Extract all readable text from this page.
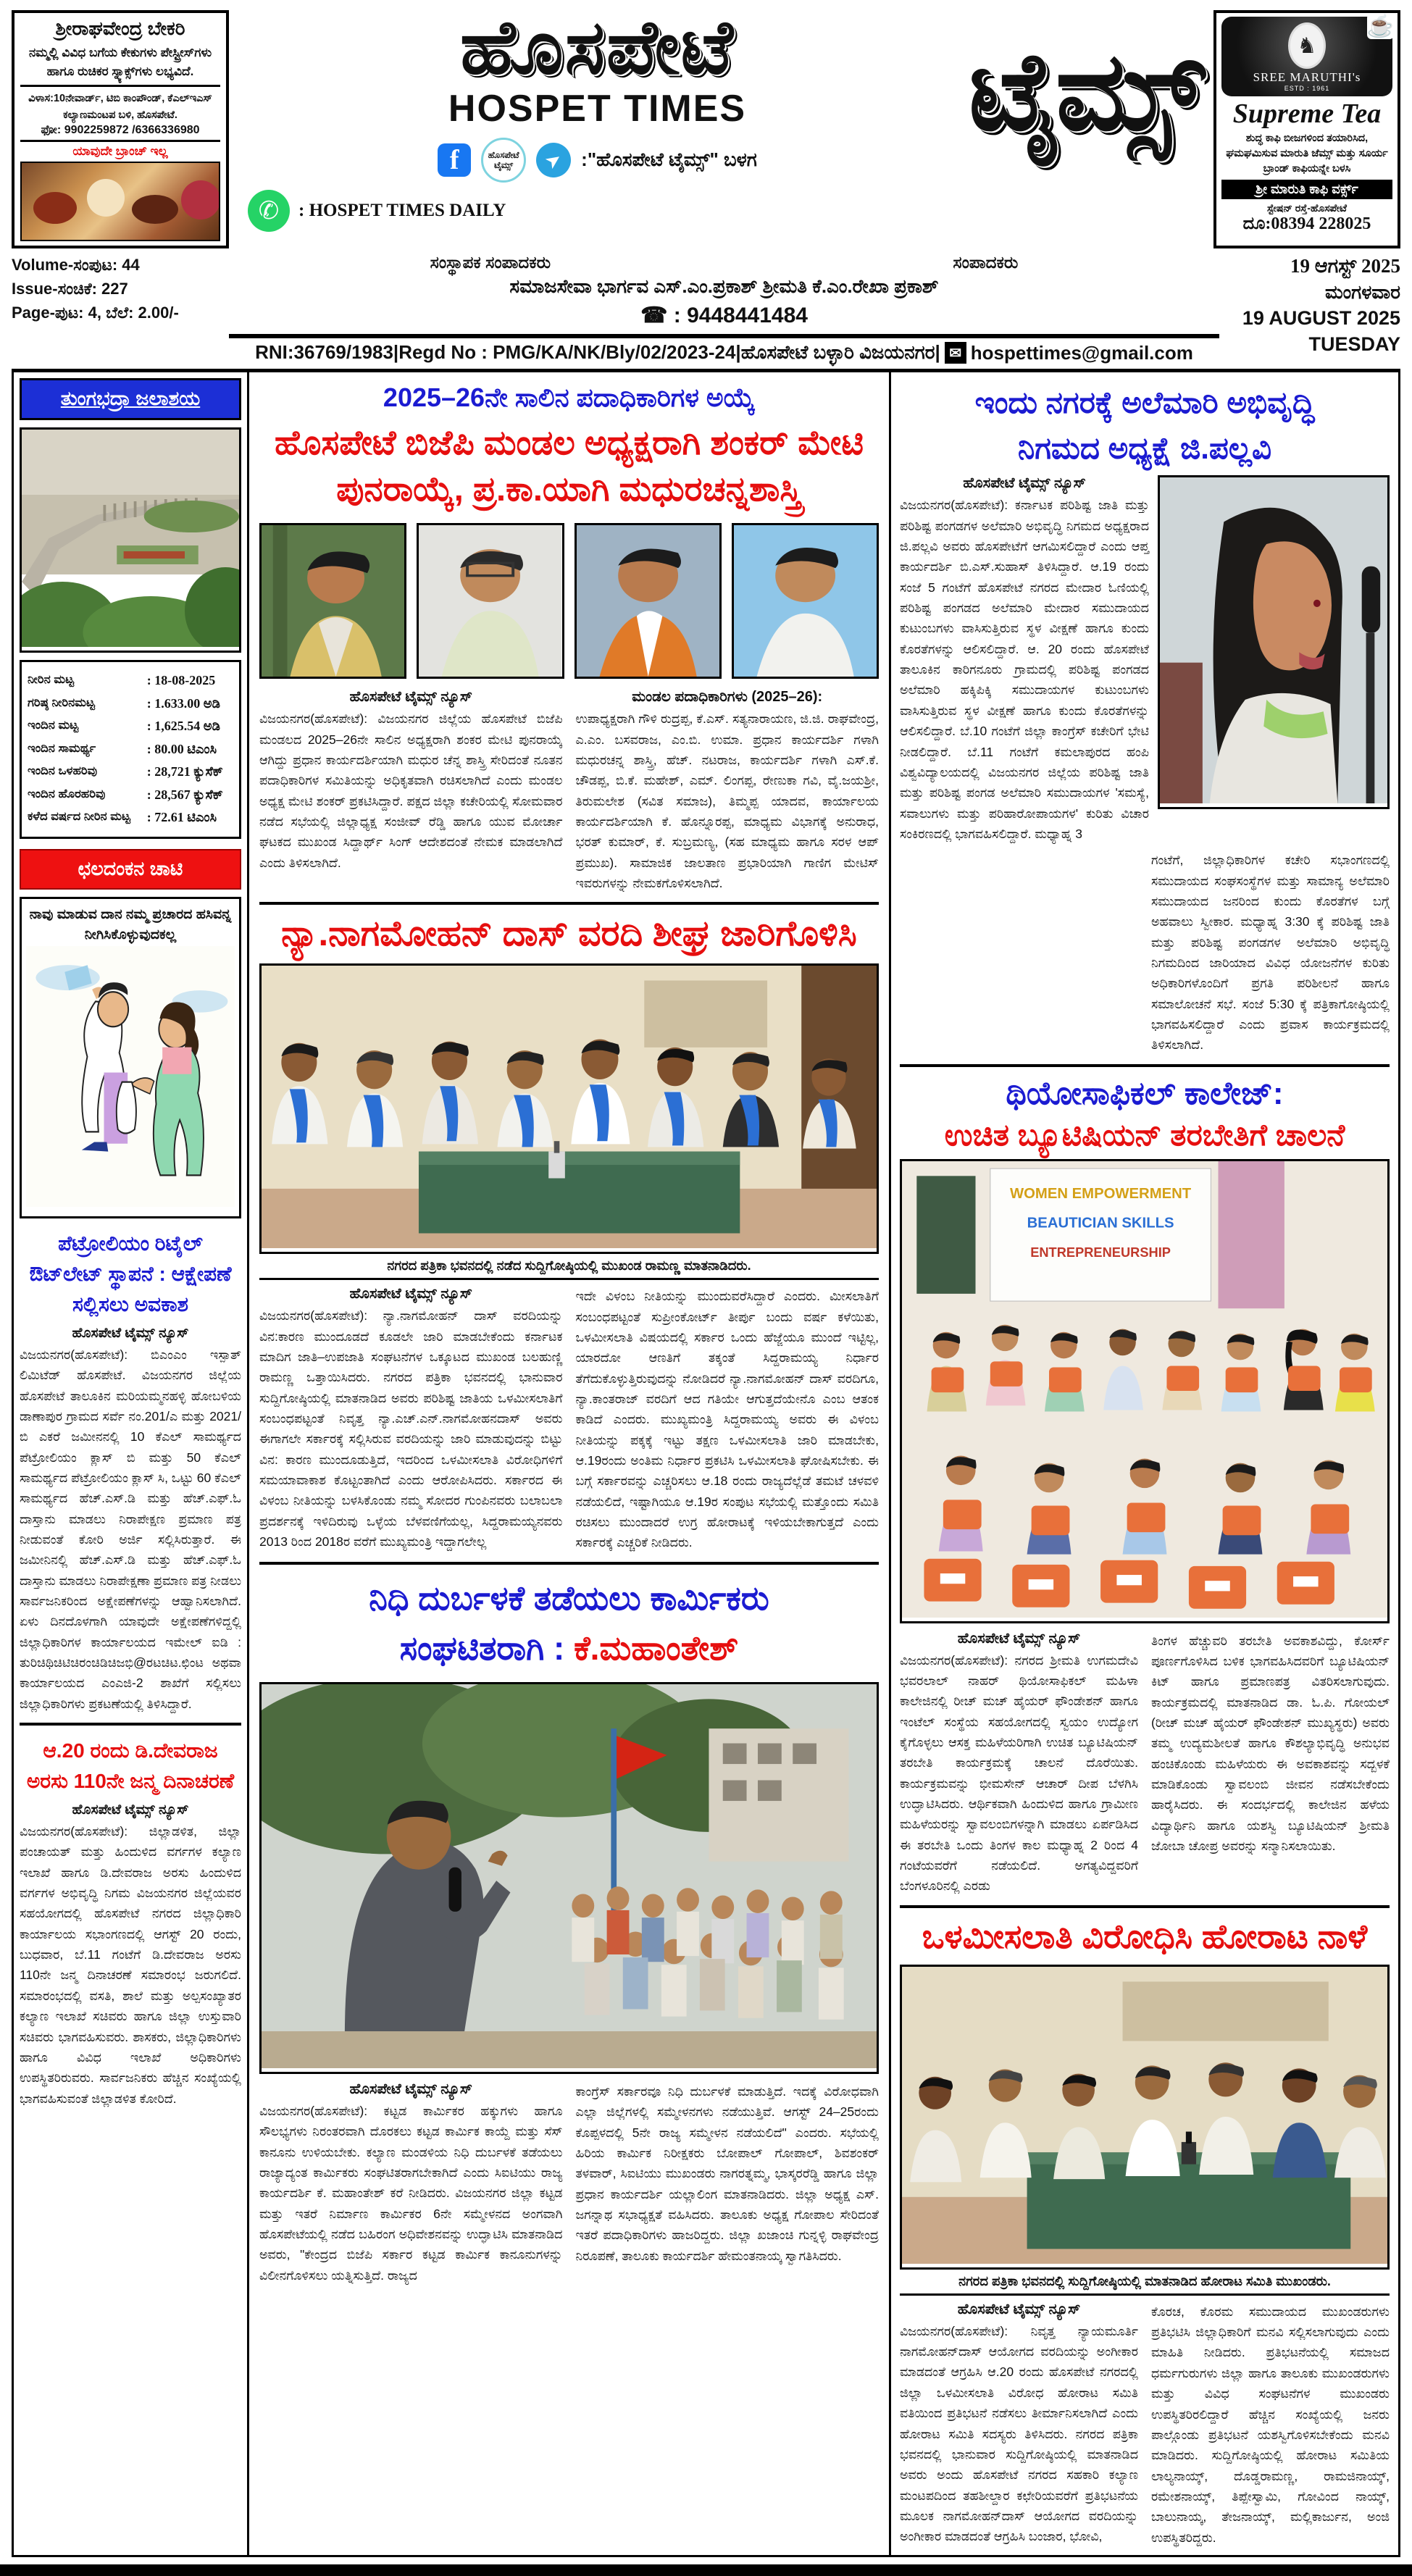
ಶ್ರೀರಾಘವೇಂದ್ರ ಬೇಕರಿ
ನಮ್ಮಲ್ಲಿ ವಿವಿಧ ಬಗೆಯ ಕೇಕುಗಳು ಪೇಸ್ಟ್ರೀಸ್‌ಗಳು ಹಾಗೂ ರುಚಿಕರ ಸ್ನ್ಯಾಕ್ಸ್‌ಗಳು ಲಭ್ಯವಿದೆ.
ವಿಳಾಸ:10ನೇವಾರ್ಡ್, ಟಿಬಿ ಕಾಂಪೌಂಡ್, ಕೆಎಲ್‌ಇಎಸ್ ಕಲ್ಯಾಣಮಂಟಪ ಬಳಿ, ಹೊಸಪೇಟೆ.
ಫೋ: 9902259872 /6366336980
ಯಾವುದೇ ಬ್ರಾಂಚ್ ಇಲ್ಲ
ಹೊಸಪೇಟೆ
HOSPET TIMES
f	ಹೊಸಪೇಟೆ ಟೈಮ್ಸ್	➤ :"ಹೊಸಪೇಟೆ ಟೈಮ್ಸ್" ಬಳಗ
✆	: HOSPET TIMES DAILY
ಟೈಮ್ಸ್
☕
♞
SREE MARUTHI's
ESTD : 1961
Supreme Tea
ಶುದ್ಧ ಕಾಫಿ ಬೀಜಗಳಿಂದ ತಯಾರಿಸಿದ, ಘಮಘಮಿಸುವ ಮಾರುತಿ ಜೆಮ್ಸ್ ಮತ್ತು ಸೂರ್ಯ ಬ್ರಾಂಡ್ ಕಾಫಿಯನ್ನೇ ಬಳಸಿ
ಶ್ರೀ ಮಾರುತಿ ಕಾಫಿ ವರ್ಕ್ಸ್
ಸ್ಟೇಷನ್ ರಸ್ತೆ-ಹೊಸಪೇಟೆ
ದೂ:08394 228025
Volume-ಸಂಪುಟ: 44
Issue-ಸಂಚಿಕೆ: 227
Page-ಪುಟ: 4, ಬೆಲೆ: 2.00/-
ಸಂಸ್ಥಾಪಕ ಸಂಪಾದಕರು	ಸಂಪಾದಕರು
ಸಮಾಜಸೇವಾ ಭಾರ್ಗವ ಎಸ್.ಎಂ.ಪ್ರಕಾಶ್ ಶ್ರೀಮತಿ ಕೆ.ಎಂ.ರೇಖಾ ಪ್ರಕಾಶ್
☎ : 9448441484
RNI:36769/1983|Regd No : PMG/KA/NK/Bly/02/2023-24|ಹೊಸಪೇಟೆ ಬಳ್ಳಾರಿ ವಿಜಯನಗರ| ✉ hospettimes@gmail.com
19 ಆಗಸ್ಟ್ 2025
ಮಂಗಳವಾರ
19 AUGUST 2025
TUESDAY
ತುಂಗಭದ್ರಾ ಜಲಾಶಯ
ನೀರಿನ ಮಟ್ಟ	: 18-08-2025
ಗರಿಷ್ಠ ನೀರಿನಮಟ್ಟ	: 1.633.00 ಅಡಿ
ಇಂದಿನ ಮಟ್ಟ	: 1,625.54 ಅಡಿ
ಇಂದಿನ ಸಾಮರ್ಥ್ಯ	: 80.00 ಟಿಎಂಸಿ
ಇಂದಿನ ಒಳಹರಿವು	: 28,721 ಕ್ಯುಸೆಕ್
ಇಂದಿನ ಹೊರಹರಿವು	: 28,567 ಕ್ಯುಸೆಕ್
ಕಳೆದ ವರ್ಷದ ನೀರಿನ ಮಟ್ಟ	: 72.61 ಟಿಎಂಸಿ
ಛಲದಂಕನ ಚಾಟಿ
ನಾವು ಮಾಡುವ ದಾನ ನಮ್ಮ ಪ್ರಚಾರದ ಹಸಿವನ್ನ ನೀಗಿಸಿಕೊಳ್ಳುವುದಕಲ್ಲ
ಪೆಟ್ರೋಲಿಯಂ ರಿಟೈಲ್ ಔಟ್‌ಲೇಟ್ ಸ್ಥಾಪನೆ : ಆಕ್ಷೇಪಣೆ ಸಲ್ಲಿಸಲು ಅವಕಾಶ
ಹೊಸಪೇಟೆ ಟೈಮ್ಸ್ ನ್ಯೂಸ್
ವಿಜಯನಗರ(ಹೊಸಪೇಟೆ): ಬಿಎಂಎಂ ಇಸ್ಪಾತ್ ಲಿಮಿಟೆಡ್ ಹೊಸಪೇಟೆ. ವಿಜಯನಗರ ಜಿಲ್ಲೆಯ ಹೊಸಪೇಟೆ ತಾಲೂಕಿನ ಮರಿಯಮ್ಮನಹಳ್ಳಿ ಹೋಬಳಿಯ ಡಾಣಾಪುರ ಗ್ರಾಮದ ಸರ್ವೆ ನಂ.201/ಎ ಮತ್ತು 2021/ಬಿ ಎಕರೆ ಜಮೀನನಲ್ಲಿ 10 ಕೆಎಲ್ ಸಾಮರ್ಥ್ಯದ ಪೆಟ್ರೋಲಿಯಂ ಕ್ಲಾಸ್ ಬಿ ಮತ್ತು 50 ಕೆಎಲ್ ಸಾಮರ್ಥ್ಯದ ಪೆಟ್ರೋಲಿಯಂ ಕ್ಲಾಸ್ ಸಿ, ಒಟ್ಟು 60 ಕೆಎಲ್ ಸಾಮರ್ಥ್ಯದ ಹೆಚ್.ಎಸ್.ಡಿ ಮತ್ತು ಹೆಚ್.ಎಫ್.ಓ ದಾಸ್ತಾನು ಮಾಡಲು ನಿರಾಪೇಕ್ಷಣ ಪ್ರಮಾಣ ಪತ್ರ ನೀಡುವಂತೆ ಕೋರಿ ಅರ್ಜಿ ಸಲ್ಲಿಸಿರುತ್ತಾರೆ. ಈ ಜಮೀನಿನಲ್ಲಿ ಹೆಚ್.ಎಸ್.ಡಿ ಮತ್ತು ಹೆಚ್.ಎಫ್.ಓ ದಾಸ್ತಾನು ಮಾಡಲು ನಿರಾಪೇಕ್ಷಣಾ ಪ್ರಮಾಣ ಪತ್ರ ನೀಡಲು ಸಾರ್ವಜನಿಕರಿಂದ ಅಕ್ಷೇಪಣೆಗಳನ್ನು ಆಹ್ವಾನಿಸಲಾಗಿದೆ. ಏಳು ದಿನದೊಳಗಾಗಿ ಯಾವುದೇ ಅಕ್ಷೇಪಣೆಗಳಿದ್ದಲ್ಲಿ ಜಿಲ್ಲಾಧಿಕಾರಿಗಳ ಕಾರ್ಯಾಲಯದ ಇಮೇಲ್ ಐಡಿ : ತುರಿಚಿಥಿಚಿಟಿಚಿರಂಚಿಡಿಚಿಜಭಿ@ರಟಚಿಟ.ಛಿಂಟ ಅಥವಾ ಕಾರ್ಯಾಲಯದ ಎಂಎಜಿ-2 ಶಾಖೆಗೆ ಸಲ್ಲಿಸಲು ಜಿಲ್ಲಾಧಿಕಾರಿಗಳು ಪ್ರಕಟಣೆಯಲ್ಲಿ ತಿಳಿಸಿದ್ದಾರೆ.
ಆ.20 ರಂದು ಡಿ.ದೇವರಾಜ ಅರಸು 110ನೇ ಜನ್ಮ ದಿನಾಚರಣೆ
ಹೊಸಪೇಟೆ ಟೈಮ್ಸ್ ನ್ಯೂಸ್
ವಿಜಯನಗರ(ಹೊಸಪೇಟೆ): ಜಿಲ್ಲಾಡಳಿತ, ಜಿಲ್ಲಾ ಪಂಚಾಯತ್ ಮತ್ತು ಹಿಂದುಳಿದ ವರ್ಗಗಳ ಕಲ್ಯಾಣ ಇಲಾಖೆ ಹಾಗೂ ಡಿ.ದೇವರಾಜ ಅರಸು ಹಿಂದುಳಿದ ವರ್ಗಗಳ ಅಭಿವೃದ್ಧಿ ನಿಗಮ ವಿಜಯನಗರ ಜಿಲ್ಲೆಯವರ ಸಹಯೋಗದಲ್ಲಿ ಹೊಸಪೇಟೆ ನಗರದ ಜಿಲ್ಲಾಧಿಕಾರಿ ಕಾರ್ಯಾಲಯ ಸಭಾಂಗಣದಲ್ಲಿ ಆಗಸ್ಟ್ 20 ರಂದು, ಬುಧವಾರ, ಬೆ.11 ಗಂಟೆಗೆ ಡಿ.ದೇವರಾಜ ಅರಸು 110ನೇ ಜನ್ಮ ದಿನಾಚರಣೆ ಸಮಾರಂಭ ಜರುಗಲಿದೆ. ಸಮಾರಂಭದಲ್ಲಿ ವಸತಿ, ಶಾಲೆ ಮತ್ತು ಅಲ್ಪಸಂಖ್ಯಾತರ ಕಲ್ಯಾಣ ಇಲಾಖೆ ಸಚಿವರು ಹಾಗೂ ಜಿಲ್ಲಾ ಉಸ್ತುವಾರಿ ಸಚಿವರು ಭಾಗವಹಿಸುವರು. ಶಾಸಕರು, ಜಿಲ್ಲಾಧಿಕಾರಿಗಳು ಹಾಗೂ ವಿವಿಧ ಇಲಾಖೆ ಅಧಿಕಾರಿಗಳು ಉಪಸ್ಥಿತರಿರುವರು. ಸಾರ್ವಜನಿಕರು ಹೆಚ್ಚಿನ ಸಂಖ್ಯೆಯಲ್ಲಿ ಭಾಗವಹಿಸುವಂತೆ ಜಿಲ್ಲಾಡಳಿತ ಕೋರಿದೆ.
2025–26ನೇ ಸಾಲಿನ ಪದಾಧಿಕಾರಿಗಳ ಅಯ್ಕೆ
ಹೊಸಪೇಟೆ ಬಿಜೆಪಿ ಮಂಡಲ ಅಧ್ಯಕ್ಷರಾಗಿ ಶಂಕರ್ ಮೇಟಿ ಪುನರಾಯ್ಕೆ, ಪ್ರ.ಕಾ.ಯಾಗಿ ಮಧುರಚನ್ನಶಾಸ್ತ್ರಿ
ಹೊಸಪೇಟೆ ಟೈಮ್ಸ್ ನ್ಯೂಸ್
ವಿಜಯನಗರ(ಹೊಸಪೇಟೆ): ವಿಜಯನಗರ ಜಿಲ್ಲೆಯ ಹೊಸಪೇಟೆ ಬಿಜೆಪಿ ಮಂಡಲದ 2025–26ನೇ ಸಾಲಿನ ಅಧ್ಯಕ್ಷರಾಗಿ ಶಂಕರ ಮೇಟಿ ಪುನರಾಯ್ಕೆ ಆಗಿದ್ದು ಪ್ರಧಾನ ಕಾರ್ಯದರ್ಶಿಯಾಗಿ ಮಧುರ ಚೆನ್ನ ಶಾಸ್ತ್ರಿ ಸೇರಿದಂತೆ ನೂತನ ಪದಾಧಿಕಾರಿಗಳ ಸಮಿತಿಯನ್ನು ಅಧಿಕೃತವಾಗಿ ರಚಿಸಲಾಗಿದೆ ಎಂದು ಮಂಡಲ ಅಧ್ಯಕ್ಷ ಮೇಟಿ ಶಂಕರ್ ಪ್ರಕಟಿಸಿದ್ದಾರೆ. ಪಕ್ಷದ ಜಿಲ್ಲಾ ಕಚೇರಿಯಲ್ಲಿ ಸೋಮವಾರ ನಡೆದ ಸಭೆಯಲ್ಲಿ ಜಿಲ್ಲಾಧ್ಯಕ್ಷ ಸಂಜೀವ್ ರೆಡ್ಡಿ ಹಾಗೂ ಯುವ ಮೋರ್ಚಾ ಘಟಕದ ಮುಖಂಡ ಸಿದ್ದಾರ್ಥ್ ಸಿಂಗ್ ಆದೇಶದಂತೆ ನೇಮಕ ಮಾಡಲಾಗಿದೆ ಎಂದು ತಿಳಿಸಲಾಗಿದೆ.
ಮಂಡಲ ಪದಾಧಿಕಾರಿಗಳು (2025–26):
ಉಪಾಧ್ಯಕ್ಷರಾಗಿ ಗೌಳಿ ರುದ್ರಪ್ಪ, ಕೆ.ಎಸ್. ಸತ್ಯನಾರಾಯಣ, ಜಿ.ಜಿ. ರಾಘವೇಂದ್ರ, ಎ.ಎಂ. ಬಸವರಾಜ, ಎಂ.ಬಿ. ಉಮಾ. ಪ್ರಧಾನ ಕಾರ್ಯದರ್ಶಿ ಗಳಾಗಿ ಮಧುರಚನ್ನ ಶಾಸ್ತ್ರಿ, ಹೆಚ್. ನಟರಾಜ, ಕಾರ್ಯದರ್ಶಿ ಗಳಾಗಿ ಎಸ್.ಕೆ. ಚೌಡಪ್ಪ, ಬಿ.ಕೆ. ಮಹೇಶ್, ಎಮ್. ಲಿಂಗಪ್ಪ, ರೇಣುಕಾ ಗವಿ, ವೈ.ಜಯಶ್ರೀ, ತಿರುಮಲೇಶ (ಸವಿತ ಸಮಾಜ), ತಿಮ್ಮಪ್ಪ ಯಾದವ, ಕಾರ್ಯಾಲಯ ಕಾರ್ಯದರ್ಶಿಯಾಗಿ ಕೆ. ಹೊನ್ನೂರಪ್ಪ, ಮಾಧ್ಯಮ ವಿಭಾಗಕ್ಕೆ ಅನುರಾಧ, ಭರತ್ ಕುಮಾರ್, ಕೆ. ಸುಬ್ರಮಣ್ಯ, (ಸಹ ಮಾಧ್ಯಮ ಹಾಗೂ ಸರಳ ಆಪ್ ಪ್ರಮುಖ). ಸಾಮಾಜಿಕ ಜಾಲತಾಣ ಪ್ರಭಾರಿಯಾಗಿ ಗಾಣಿಗ ಮೇಟಿಸ್ ಇವರುಗಳನ್ನು ನೇಮಕಗೊಳಿಸಲಾಗಿದೆ.
ನ್ಯಾ.ನಾಗಮೋಹನ್ ದಾಸ್ ವರದಿ ಶೀಘ್ರ ಜಾರಿಗೊಳಿಸಿ
ನಗರದ ಪತ್ರಿಕಾ ಭವನದಲ್ಲಿ ನಡೆದ ಸುದ್ದಿಗೋಷ್ಠಿಯಲ್ಲಿ ಮುಖಂಡ ರಾಮಣ್ಣ ಮಾತನಾಡಿದರು.
ಹೊಸಪೇಟೆ ಟೈಮ್ಸ್ ನ್ಯೂಸ್
ವಿಜಯನಗರ(ಹೊಸಪೇಟೆ): ನ್ಯಾ.ನಾಗಮೋಹನ್ ದಾಸ್ ವರದಿಯನ್ನು ವಿನ:ಕಾರಣ ಮುಂದೂಡದೆ ಕೂಡಲೇ ಜಾರಿ ಮಾಡಬೇಕೆಂದು ಕರ್ನಾಟಕ ಮಾದಿಗ ಜಾತಿ–ಉಪಜಾತಿ ಸಂಘಟನೆಗಳ ಒಕ್ಕೂಟದ ಮುಖಂಡ ಬಲಹುಣ್ಣಿ ರಾಮಣ್ಣ ಒತ್ತಾಯಿಸಿದರು. ನಗರದ ಪತ್ರಿಕಾ ಭವನದಲ್ಲಿ ಭಾನುವಾರ ಸುದ್ದಿಗೋಷ್ಠಿಯಲ್ಲಿ ಮಾತನಾಡಿದ ಅವರು ಪರಿಶಿಷ್ಟ ಜಾತಿಯ ಒಳಮೀಸಲಾತಿಗೆ ಸಂಬಂಧಪಟ್ಟಂತೆ ನಿವೃತ್ತ ನ್ಯಾ.ಎಚ್.ಎನ್.ನಾಗಮೋಹನದಾಸ್ ಅವರು ಈಗಾಗಲೇ ಸರ್ಕಾರಕ್ಕೆ ಸಲ್ಲಿಸಿರುವ ವರದಿಯನ್ನು ಜಾರಿ ಮಾಡುವುದನ್ನು ಬಿಟ್ಟು ವಿನ: ಕಾರಣ ಮುಂದೂಡುತ್ತಿದೆ, ಇದರಿಂದ ಒಳಮೀಸಲಾತಿ ವಿರೋಧಿಗಳಿಗೆ ಸಮಯಾವಾಕಾಶ ಕೊಟ್ಟಂತಾಗಿದೆ ಎಂದು ಆರೋಪಿಸಿದರು. ಸರ್ಕಾರದ ಈ ವಿಳಂಬ ನೀತಿಯನ್ನು ಬಳಸಿಕೊಂಡು ನಮ್ಮ ಸೋದರ ಗುಂಪಿನವರು ಬಲಾಬಲಾ ಪ್ರದರ್ಶನಕ್ಕೆ ಇಳಿದಿರುವು ಒಳ್ಳೆಯ ಬೆಳವಣಿಗೆಯಲ್ಲ, ಸಿದ್ದರಾಮಯ್ಯನವರು 2013 ರಿಂದ 2018ರ ವರೆಗೆ ಮುಖ್ಯಮಂತ್ರಿ ಇದ್ದಾಗಲೇಲ್ಲ
ಇದೇ ವಿಳಂಬ ನೀತಿಯನ್ನು ಮುಂದುವರೆಸಿದ್ದಾರೆ ಎಂದರು. ಮೀಸಲಾತಿಗೆ ಸಂಬಂಧಪಟ್ಟಂತೆ ಸುಪ್ರೀಂಕೋರ್ಟ್ ತೀರ್ಪು ಬಂದು ವರ್ಷ ಕಳೆಯಿತು, ಒಳಮೀಸಲಾತಿ ವಿಷಯದಲ್ಲಿ ಸರ್ಕಾರ ಒಂದು ಹೆಜ್ಜೆಯೂ ಮುಂದೆ ಇಟ್ಟಿಲ್ಲ, ಯಾರದೋ ಆಣತಿಗೆ ತಕ್ಕಂತೆ ಸಿದ್ದರಾಮಯ್ಯ ನಿರ್ಧಾರ ತೆಗೆದುಕೊಳ್ಳುತ್ತಿರುವುದನ್ನು ನೋಡಿದರೆ ನ್ಯಾ.ನಾಗಮೋಹನ್ ದಾಸ್ ವರದಿಗೂ, ನ್ಯಾ.ಕಾಂತರಾಜ್ ವರದಿಗೆ ಆದ ಗತಿಯೇ ಆಗುತ್ತದೆಯೇನೊ ಎಂಬ ಆತಂಕ ಕಾಡಿದೆ ಎಂದರು. ಮುಖ್ಯಮಂತ್ರಿ ಸಿದ್ದರಾಮಯ್ಯ ಅವರು ಈ ವಿಳಂಬ ನೀತಿಯನ್ನು ಪಕ್ಕಕ್ಕೆ ಇಟ್ಟು ತಕ್ಷಣ ಒಳಮೀಸಲಾತಿ ಜಾರಿ ಮಾಡಬೇಕು, ಆ.19ರಂದು ಅಂತಿಮ ನಿರ್ಧಾರ ಪ್ರಕಟಿಸಿ ಒಳಮೀಸಲಾತಿ ಘೋಷಿಸಬೇಕು. ಈ ಬಗ್ಗೆ ಸರ್ಕಾರವನ್ನು ಎಚ್ಚರಿಸಲು ಆ.18 ರಂದು ರಾಜ್ಯದೆಲ್ಲೆಡೆ ತಮಟೆ ಚಳವಳಿ ನಡೆಯಲಿದೆ, ಇಷ್ಟಾಗಿಯೂ ಆ.19ರ ಸಂಪುಟ ಸಭೆಯಲ್ಲಿ ಮತ್ತೊಂದು ಸಮಿತಿ ರಚಿಸಲು ಮುಂದಾದರೆ ಉಗ್ರ ಹೋರಾಟಕ್ಕೆ ಇಳಿಯಬೇಕಾಗುತ್ತದೆ ಎಂದು ಸರ್ಕಾರಕ್ಕೆ ಎಚ್ಚರಿಕೆ ನೀಡಿದರು.
ನಿಧಿ ದುರ್ಬಳಕೆ ತಡೆಯಲು ಕಾರ್ಮಿಕರು
ಸಂಘಟಿತರಾಗಿ : ಕೆ.ಮಹಾಂತೇಶ್
ಹೊಸಪೇಟೆ ಟೈಮ್ಸ್ ನ್ಯೂಸ್
ವಿಜಯನಗರ(ಹೊಸಪೇಟೆ): ಕಟ್ಟಡ ಕಾರ್ಮಿಕರ ಹಕ್ಕುಗಳು ಹಾಗೂ ಸೌಲಭ್ಯಗಳು ನಿರಂತರವಾಗಿ ದೊರಕಲು ಕಟ್ಟಡ ಕಾರ್ಮಿಕ ಕಾಯ್ದೆ ಮತ್ತು ಸೆಸ್ ಕಾನೂನು ಉಳಿಯಬೇಕು. ಕಲ್ಯಾಣ ಮಂಡಳಿಯ ನಿಧಿ ದುರ್ಬಳಕೆ ತಡೆಯಲು ರಾಜ್ಯಾದ್ಯಂತ ಕಾರ್ಮಿಕರು ಸಂಘಟಿತರಾಗಬೇಕಾಗಿದೆ ಎಂದು ಸಿಐಟಿಯು ರಾಜ್ಯ ಕಾರ್ಯದರ್ಶಿ ಕೆ. ಮಹಾಂತೇಶ್ ಕರೆ ನೀಡಿದರು. ವಿಜಯನಗರ ಜಿಲ್ಲಾ ಕಟ್ಟಡ ಮತ್ತು ಇತರೆ ನಿರ್ಮಾಣ ಕಾರ್ಮಿಕರ 6ನೇ ಸಮ್ಮೇಳನದ ಅಂಗವಾಗಿ ಹೊಸಪೇಟೆಯಲ್ಲಿ ನಡೆದ ಬಹಿರಂಗ ಅಧಿವೇಶನವನ್ನು ಉದ್ಘಾಟಿಸಿ ಮಾತನಾಡಿದ ಅವರು, "ಕೇಂದ್ರದ ಬಿಜೆಪಿ ಸರ್ಕಾರ ಕಟ್ಟಡ ಕಾರ್ಮಿಕ ಕಾನೂನುಗಳನ್ನು ವಿಲೀನಗೊಳಿಸಲು ಯತ್ನಿಸುತ್ತಿದೆ. ರಾಜ್ಯದ
ಕಾಂಗ್ರೆಸ್ ಸರ್ಕಾರವೂ ನಿಧಿ ದುರ್ಬಳಕೆ ಮಾಡುತ್ತಿದೆ. ಇದಕ್ಕೆ ವಿರೋಧವಾಗಿ ಎಲ್ಲಾ ಜಿಲ್ಲೆಗಳಲ್ಲಿ ಸಮ್ಮೇಳನಗಳು ನಡೆಯುತ್ತಿವೆ. ಆಗಸ್ಟ್ 24–25ರಂದು ಕೊಪ್ಪಳದಲ್ಲಿ 5ನೇ ರಾಜ್ಯ ಸಮ್ಮೇಳನ ನಡೆಯಲಿದೆ" ಎಂದರು. ಸಭೆಯಲ್ಲಿ ಹಿರಿಯ ಕಾರ್ಮಿಕ ನಿರೀಕ್ಷಕರು ಬೋಪಾಲ್ ಗೋಪಾಲ್, ಶಿವಶಂಕರ್ ತಳವಾರ್, ಸಿಐಟಿಯು ಮುಖಂಡರು ನಾಗರತ್ನಮ್ಮ, ಭಾಸ್ಕರರೆಡ್ಡಿ ಹಾಗೂ ಜಿಲ್ಲಾ ಪ್ರಧಾನ ಕಾರ್ಯದರ್ಶಿ ಯಲ್ಲಾಲಿಂಗ ಮಾತನಾಡಿದರು. ಜಿಲ್ಲಾ ಅಧ್ಯಕ್ಷ ಎಸ್. ಜಗನ್ನಾಥ ಸಭಾಧ್ಯಕ್ಷತೆ ವಹಿಸಿದರು. ತಾಲೂಕು ಅಧ್ಯಕ್ಷ ಗೋಪಾಲ ಸೇರಿದಂತೆ ಇತರೆ ಪದಾಧಿಕಾರಿಗಳು ಹಾಜರಿದ್ದರು. ಜಿಲ್ಲಾ ಖಜಾಂಚಿ ಗುನ್ನಳ್ಳಿ ರಾಘವೇಂದ್ರ ನಿರೂಪಣೆ, ತಾಲೂಕು ಕಾರ್ಯದರ್ಶಿ ಹೇಮಂತನಾಯ್ಕ ಸ್ವಾಗತಿಸಿದರು.
ಇಂದು ನಗರಕ್ಕೆ ಅಲೆಮಾರಿ ಅಭಿವೃದ್ಧಿ
ನಿಗಮದ ಅಧ್ಯಕ್ಷೆ ಜಿ.ಪಲ್ಲವಿ
ಹೊಸಪೇಟೆ ಟೈಮ್ಸ್ ನ್ಯೂಸ್
ವಿಜಯನಗರ(ಹೊಸಪೇಟೆ): ಕರ್ನಾಟಕ ಪರಿಶಿಷ್ಟ ಜಾತಿ ಮತ್ತು ಪರಿಶಿಷ್ಟ ಪಂಗಡಗಳ ಅಲೆಮಾರಿ ಅಭಿವೃದ್ಧಿ ನಿಗಮದ ಅಧ್ಯಕ್ಷರಾದ ಜಿ.ಪಲ್ಲವಿ ಅವರು ಹೊಸಪೇಟೆಗೆ ಆಗಮಿಸಲಿದ್ದಾರೆ ಎಂದು ಆಪ್ತ ಕಾರ್ಯದರ್ಶಿ ಬಿ.ಎಸ್.ಸುಹಾಸ್ ತಿಳಿಸಿದ್ದಾರೆ. ಆ.19 ರಂದು ಸಂಜೆ 5 ಗಂಟೆಗೆ ಹೊಸಪೇಟೆ ನಗರದ ಮೇದಾರ ಓಣಿಯಲ್ಲಿ ಪರಿಶಿಷ್ಟ ಪಂಗಡದ ಅಲೆಮಾರಿ ಮೇದಾರ ಸಮುದಾಯದ ಕುಟುಂಬಗಳು ವಾಸಿಸುತ್ತಿರುವ ಸ್ಥಳ ವೀಕ್ಷಣೆ ಹಾಗೂ ಕುಂದು ಕೊರತೆಗಳನ್ನು ಆಲಿಸಲಿದ್ದಾರೆ. ಆ. 20 ರಂದು ಹೊಸಪೇಟೆ ತಾಲೂಕಿನ ಕಾರಿಗನೂರು ಗ್ರಾಮದಲ್ಲಿ ಪರಿಶಿಷ್ಟ ಪಂಗಡದ ಅಲೆಮಾರಿ ಹಕ್ಕಿಪಿಕ್ಕಿ ಸಮುದಾಯಗಳ ಕುಟುಂಬಗಳು ವಾಸಿಸುತ್ತಿರುವ ಸ್ಥಳ ವೀಕ್ಷಣೆ ಹಾಗೂ ಕುಂದು ಕೊರತೆಗಳನ್ನು ಆಲಿಸಲಿದ್ದಾರೆ. ಬೆ.10 ಗಂಟೆಗೆ ಜಿಲ್ಲಾ ಕಾಂಗ್ರೆಸ್ ಕಚೇರಿಗೆ ಭೇಟಿ ನೀಡಲಿದ್ದಾರೆ. ಬೆ.11 ಗಂಟೆಗೆ ಕಮಲಾಪುರದ ಹಂಪಿ ವಿಶ್ವವಿದ್ಯಾಲಯದಲ್ಲಿ ವಿಜಯನಗರ ಜಿಲ್ಲೆಯ ಪರಿಶಿಷ್ಟ ಜಾತಿ ಮತ್ತು ಪರಿಶಿಷ್ಟ ಪಂಗಡ ಅಲೆಮಾರಿ ಸಮುದಾಯಗಳ 'ಸಮಸ್ಯೆ, ಸವಾಲುಗಳು ಮತ್ತು ಪರಿಹಾರೋಪಾಯಗಳ' ಕುರಿತು ವಿಚಾರ ಸಂಕಿರಣದಲ್ಲಿ ಭಾಗವಹಿಸಲಿದ್ದಾರೆ. ಮಧ್ಯಾಹ್ನ 3
ಗಂಟೆಗೆ, ಜಿಲ್ಲಾಧಿಕಾರಿಗಳ ಕಚೇರಿ ಸಭಾಂಗಣದಲ್ಲಿ ಸಮುದಾಯದ ಸಂಘಸಂಸ್ಥೆಗಳ ಮತ್ತು ಸಾಮಾನ್ಯ ಅಲೆಮಾರಿ ಸಮುದಾಯದ ಜನರಿಂದ ಕುಂದು ಕೊರತೆಗಳ ಬಗ್ಗೆ ಅಹವಾಲು ಸ್ವೀಕಾರ. ಮಧ್ಯಾಹ್ನ 3:30 ಕ್ಕೆ ಪರಿಶಿಷ್ಟ ಜಾತಿ ಮತ್ತು ಪರಿಶಿಷ್ಟ ಪಂಗಡಗಳ ಅಲೆಮಾರಿ ಅಭಿವೃದ್ಧಿ ನಿಗಮದಿಂದ ಜಾರಿಯಾದ ವಿವಿಧ ಯೋಜನೆಗಳ ಕುರಿತು ಅಧಿಕಾರಿಗಳೊಂದಿಗೆ ಪ್ರಗತಿ ಪರಿಶೀಲನೆ ಹಾಗೂ ಸಮಾಲೋಚನೆ ಸಭೆ. ಸಂಜೆ 5:30 ಕ್ಕೆ ಪತ್ರಿಕಾಗೋಷ್ಠಿಯಲ್ಲಿ ಭಾಗವಹಿಸಲಿದ್ದಾರೆ ಎಂದು ಪ್ರವಾಸ ಕಾರ್ಯಕ್ರಮದಲ್ಲಿ ತಿಳಿಸಲಾಗಿದೆ.
ಥಿಯೋಸಾಫಿಕಲ್ ಕಾಲೇಜ್:
ಉಚಿತ ಬ್ಯೂಟಿಷಿಯನ್ ತರಬೇತಿಗೆ ಚಾಲನೆ
WOMEN EMPOWERMENT
BEAUTICIAN SKILLS
ENTREPRENEURSHIP
ಹೊಸಪೇಟೆ ಟೈಮ್ಸ್ ನ್ಯೂಸ್
ವಿಜಯನಗರ(ಹೊಸಪೇಟೆ): ನಗರದ ಶ್ರೀಮತಿ ಉಗಮದೇವಿ ಭವರಲಾಲ್ ನಾಹರ್ ಥಿಯೋಸಾಫಿಕಲ್ ಮಹಿಳಾ ಕಾಲೇಜಿನಲ್ಲಿ ರೀಚ್ ಮಚ್ ಹೈಯರ್ ಫೌಂಡೇಶನ್ ಹಾಗೂ ಇಂಟೆಲ್ ಸಂಸ್ಥೆಯ ಸಹಯೋಗದಲ್ಲಿ ಸ್ವಯಂ ಉದ್ಯೋಗ ಕೈಗೊಳ್ಳಲು ಆಸಕ್ತ ಮಹಿಳೆಯರಿಗಾಗಿ ಉಚಿತ ಬ್ಯೂಟಿಷಿಯನ್ ತರಬೇತಿ ಕಾರ್ಯಕ್ರಮಕ್ಕೆ ಚಾಲನೆ ದೊರೆಯಿತು. ಕಾರ್ಯಕ್ರಮವನ್ನು ಭೀಮಸೇನ್ ಆಚಾರ್ ದೀಪ ಬೆಳಗಿಸಿ ಉದ್ಘಾಟಿಸಿದರು. ಆರ್ಥಿಕವಾಗಿ ಹಿಂದುಳಿದ ಹಾಗೂ ಗ್ರಾಮೀಣ ಮಹಿಳೆಯರನ್ನು ಸ್ವಾವಲಂಬಿಗಳನ್ನಾಗಿ ಮಾಡಲು ಏರ್ಪಡಿಸಿದ ಈ ತರಬೇತಿ ಒಂದು ತಿಂಗಳ ಕಾಲ ಮಧ್ಯಾಹ್ನ 2 ರಿಂದ 4 ಗಂಟೆಯವರೆಗೆ ನಡೆಯಲಿದೆ. ಅಗತ್ಯವಿದ್ದವರಿಗೆ ಬೆಂಗಳೂರಿನಲ್ಲಿ ಎರಡು
ತಿಂಗಳ ಹೆಚ್ಚುವರಿ ತರಬೇತಿ ಅವಕಾಶವಿದ್ದು, ಕೋರ್ಸ್ ಪೂರ್ಣಗೊಳಿಸಿದ ಬಳಿಕ ಭಾಗವಹಿಸಿದವರಿಗೆ ಬ್ಯೂಟಿಷಿಯನ್ ಕಿಟ್ ಹಾಗೂ ಪ್ರಮಾಣಪತ್ರ ವಿತರಿಸಲಾಗುವುದು. ಕಾರ್ಯಕ್ರಮದಲ್ಲಿ ಮಾತನಾಡಿದ ಡಾ. ಓ.ಪಿ. ಗೋಯಲ್ (ರೀಚ್ ಮಚ್ ಹೈಯರ್ ಫೌಂಡೇಶನ್ ಮುಖ್ಯಸ್ಥರು) ಅವರು ತಮ್ಮ ಉದ್ಯಮಶೀಲತೆ ಹಾಗೂ ಕೌಶಲ್ಯಾಭಿವೃದ್ಧಿ ಅನುಭವ ಹಂಚಿಕೊಂಡು ಮಹಿಳೆಯರು ಈ ಅವಕಾಶವನ್ನು ಸದ್ಬಳಕೆ ಮಾಡಿಕೊಂಡು ಸ್ವಾವಲಂಬಿ ಜೀವನ ನಡೆಸಬೇಕೆಂದು ಹಾರೈಸಿದರು. ಈ ಸಂದರ್ಭದಲ್ಲಿ ಕಾಲೇಜಿನ ಹಳೆಯ ವಿದ್ಯಾರ್ಥಿನಿ ಹಾಗೂ ಯಶಸ್ವಿ ಬ್ಯೂಟಿಷಿಯನ್ ಶ್ರೀಮತಿ ಜೋಬಾ ಚೋಪ್ರ ಅವರನ್ನು ಸನ್ಮಾನಿಸಲಾಯಿತು.
ಒಳಮೀಸಲಾತಿ ವಿರೋಧಿಸಿ ಹೋರಾಟ ನಾಳೆ
ನಗರದ ಪತ್ರಿಕಾ ಭವನದಲ್ಲಿ ಸುದ್ದಿಗೋಷ್ಠಿಯಲ್ಲಿ ಮಾತನಾಡಿದ ಹೋರಾಟ ಸಮಿತಿ ಮುಖಂಡರು.
ಹೊಸಪೇಟೆ ಟೈಮ್ಸ್ ನ್ಯೂಸ್
ವಿಜಯನಗರ(ಹೊಸಪೇಟೆ): ನಿವೃತ್ತ ನ್ಯಾಯಮೂರ್ತಿ ನಾಗಮೋಹನ್‌ದಾಸ್ ಆಯೋಗದ ವರದಿಯನ್ನು ಅಂಗೀಕಾರ ಮಾಡದಂತೆ ಆಗ್ರಹಿಸಿ ಆ.20 ರಂದು ಹೊಸಪೇಟೆ ನಗರದಲ್ಲಿ ಜಿಲ್ಲಾ ಒಳಮೀಸಲಾತಿ ವಿರೋಧ ಹೋರಾಟ ಸಮಿತಿ ವತಿಯಿಂದ ಪ್ರತಿಭಟನೆ ನಡೆಸಲು ತೀರ್ಮಾನಿಸಲಾಗಿದೆ ಎಂದು ಹೋರಾಟ ಸಮಿತಿ ಸದಸ್ಯರು ತಿಳಿಸಿದರು. ನಗರದ ಪತ್ರಿಕಾ ಭವನದಲ್ಲಿ ಭಾನುವಾರ ಸುದ್ದಿಗೋಷ್ಠಿಯಲ್ಲಿ ಮಾತನಾಡಿದ ಅವರು ಅಂದು ಹೊಸಪೇಟೆ ನಗರದ ಸಹಕಾರಿ ಕಲ್ಯಾಣ ಮಂಟಪದಿಂದ ತಹಶೀಲ್ದಾರ ಕಛೇರಿಯವರೆಗೆ ಪ್ರತಿಭಟನೆಯ ಮೂಲಕ ನಾಗಮೋಹನ್‌ದಾಸ್ ಆಯೋಗದ ವರದಿಯನ್ನು ಅಂಗೀಕಾರ ಮಾಡದಂತೆ ಆಗ್ರಹಿಸಿ ಬಂಜಾರ, ಭೋವಿ,
ಕೊರಚ, ಕೊರಮ ಸಮುದಾಯದ ಮುಖಂಡರುಗಳು ಪ್ರತಿಭಟಿಸಿ ಜಿಲ್ಲಾಧಿಕಾರಿಗೆ ಮನವಿ ಸಲ್ಲಿಸಲಾಗುವುದು ಎಂದು ಮಾಹಿತಿ ನೀಡಿದರು. ಪ್ರತಿಭಟನೆಯಲ್ಲಿ ಸಮಾಜದ ಧರ್ಮಗುರುಗಳು ಜಿಲ್ಲಾ ಹಾಗೂ ತಾಲೂಕು ಮುಖಂಡರುಗಳು ಮತ್ತು ವಿವಿಧ ಸಂಘಟನೆಗಳ ಮುಖಂಡರು ಉಪಸ್ಥಿತರಿರಲಿದ್ದಾರೆ ಹೆಚ್ಚಿನ ಸಂಖ್ಯೆಯಲ್ಲಿ ಜನರು ಪಾಲ್ಗೊಂಡು ಪ್ರತಿಭಟನೆ ಯಶಸ್ವಿಗೊಳಿಸಬೇಕೆಂದು ಮನವಿ ಮಾಡಿದರು. ಸುದ್ದಿಗೋಷ್ಠಿಯಲ್ಲಿ ಹೋರಾಟ ಸಮಿತಿಯ ಲಾಲ್ಯನಾಯ್ಕ್, ದೊಡ್ಡರಾಮಣ್ಣ, ರಾಮಜಿನಾಯ್ಕ್, ರಮೇಶನಾಯ್ಕ್, ತಿಪ್ಪೇಸ್ವಾಮಿ, ಗೋವಿಂದ ನಾಯ್ಕ್, ಬಾಲುನಾಯ್ಕ, ತೇಜನಾಯ್ಕ್, ಮಲ್ಲಿಕಾರ್ಜುನ, ಅಂಜಿ ಉಪಸ್ಥಿತರಿದ್ದರು.
